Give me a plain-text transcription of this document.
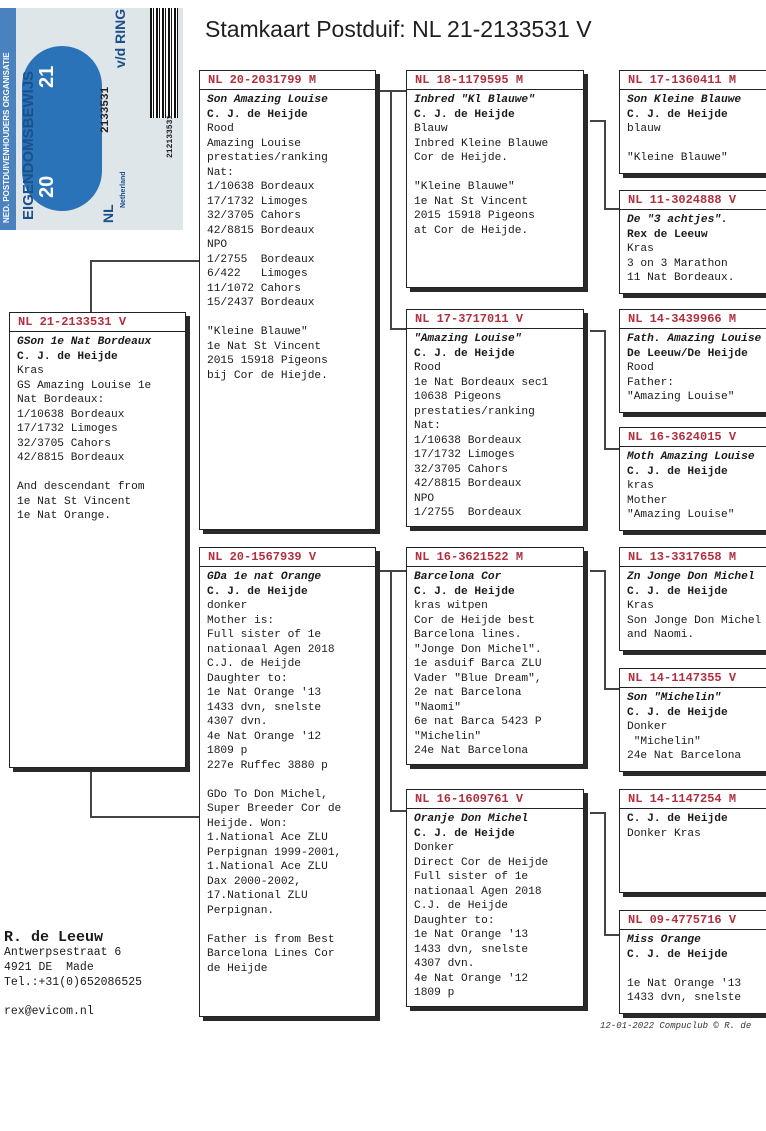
Stamkaart Postduif: NL 21-2133531 V
NED. POSTDUIVENHOUDERS ORGANISATIE EIGENDOMSBEWIJS 20
21
NL
2133531
Netherland
v/d RING
212133531
NL 21-2133531 V
GSon 1e Nat Bordeaux
C. J. de Heijde
Kras
GS Amazing Louise 1e
Nat Bordeaux:
1/10638 Bordeaux
17/1732 Limoges
32/3705 Cahors
42/8815 Bordeaux

And descendant from
1e Nat St Vincent
1e Nat Orange.
NL 20-2031799 M
Son Amazing Louise
C. J. de Heijde
Rood
Amazing Louise
prestaties/ranking
Nat:
1/10638 Bordeaux
17/1732 Limoges
32/3705 Cahors
42/8815 Bordeaux
NPO
1/2755  Bordeaux
6/422   Limoges
11/1072 Cahors
15/2437 Bordeaux

"Kleine Blauwe"
1e Nat St Vincent
2015 15918 Pigeons
bij Cor de Hiejde.
NL 20-1567939 V
GDa 1e nat Orange
C. J. de Heijde
donker
Mother is:
Full sister of 1e
nationaal Agen 2018
C.J. de Heijde
Daughter to:
1e Nat Orange '13
1433 dvn, snelste
4307 dvn.
4e Nat Orange '12
1809 p
227e Ruffec 3880 p

GDo To Don Michel,
Super Breeder Cor de
Heijde. Won:
1.National Ace ZLU
Perpignan 1999-2001,
1.National Ace ZLU
Dax 2000-2002,
17.National ZLU
Perpignan.

Father is from Best
Barcelona Lines Cor
de Heijde
NL 18-1179595 M
Inbred "Kl Blauwe"
C. J. de Heijde
Blauw
Inbred Kleine Blauwe
Cor de Heijde.

"Kleine Blauwe"
1e Nat St Vincent
2015 15918 Pigeons
at Cor de Heijde.
NL 17-3717011 V
"Amazing Louise"
C. J. de Heijde
Rood
1e Nat Bordeaux sec1
10638 Pigeons
prestaties/ranking
Nat:
1/10638 Bordeaux
17/1732 Limoges
32/3705 Cahors
42/8815 Bordeaux
NPO
1/2755  Bordeaux
NL 16-3621522 M
Barcelona Cor
C. J. de Heijde
kras witpen
Cor de Heijde best
Barcelona lines.
"Jonge Don Michel".
1e asduif Barca ZLU
Vader "Blue Dream",
2e nat Barcelona
"Naomi"
6e nat Barca 5423 P
"Michelin"
24e Nat Barcelona
NL 16-1609761 V
Oranje Don Michel
C. J. de Heijde
Donker
Direct Cor de Heijde
Full sister of 1e
nationaal Agen 2018
C.J. de Heijde
Daughter to:
1e Nat Orange '13
1433 dvn, snelste
4307 dvn.
4e Nat Orange '12
1809 p
NL 17-1360411 M
Son Kleine Blauwe
C. J. de Heijde
blauw

"Kleine Blauwe"
NL 11-3024888 V
De "3 achtjes".
Rex de Leeuw
Kras
3 on 3 Marathon
11 Nat Bordeaux.
NL 14-3439966 M
Fath. Amazing Louise
De Leeuw/De Heijde
Rood
Father:
"Amazing Louise"
NL 16-3624015 V
Moth Amazing Louise
C. J. de Heijde
kras
Mother
"Amazing Louise"
NL 13-3317658 M
Zn Jonge Don Michel
C. J. de Heijde
Kras
Son Jonge Don Michel
and Naomi.
NL 14-1147355 V
Son "Michelin"
C. J. de Heijde
Donker
"Michelin"
24e Nat Barcelona
NL 14-1147254 M
C. J. de Heijde
Donker Kras
NL 09-4775716 V
Miss Orange
C. J. de Heijde

1e Nat Orange '13
1433 dvn, snelste
R. de Leeuw
Antwerpsestraat 6
4921 DE  Made
Tel.:+31(0)652086525
rex@evicom.nl
12-01-2022 Compuclub © R. de
